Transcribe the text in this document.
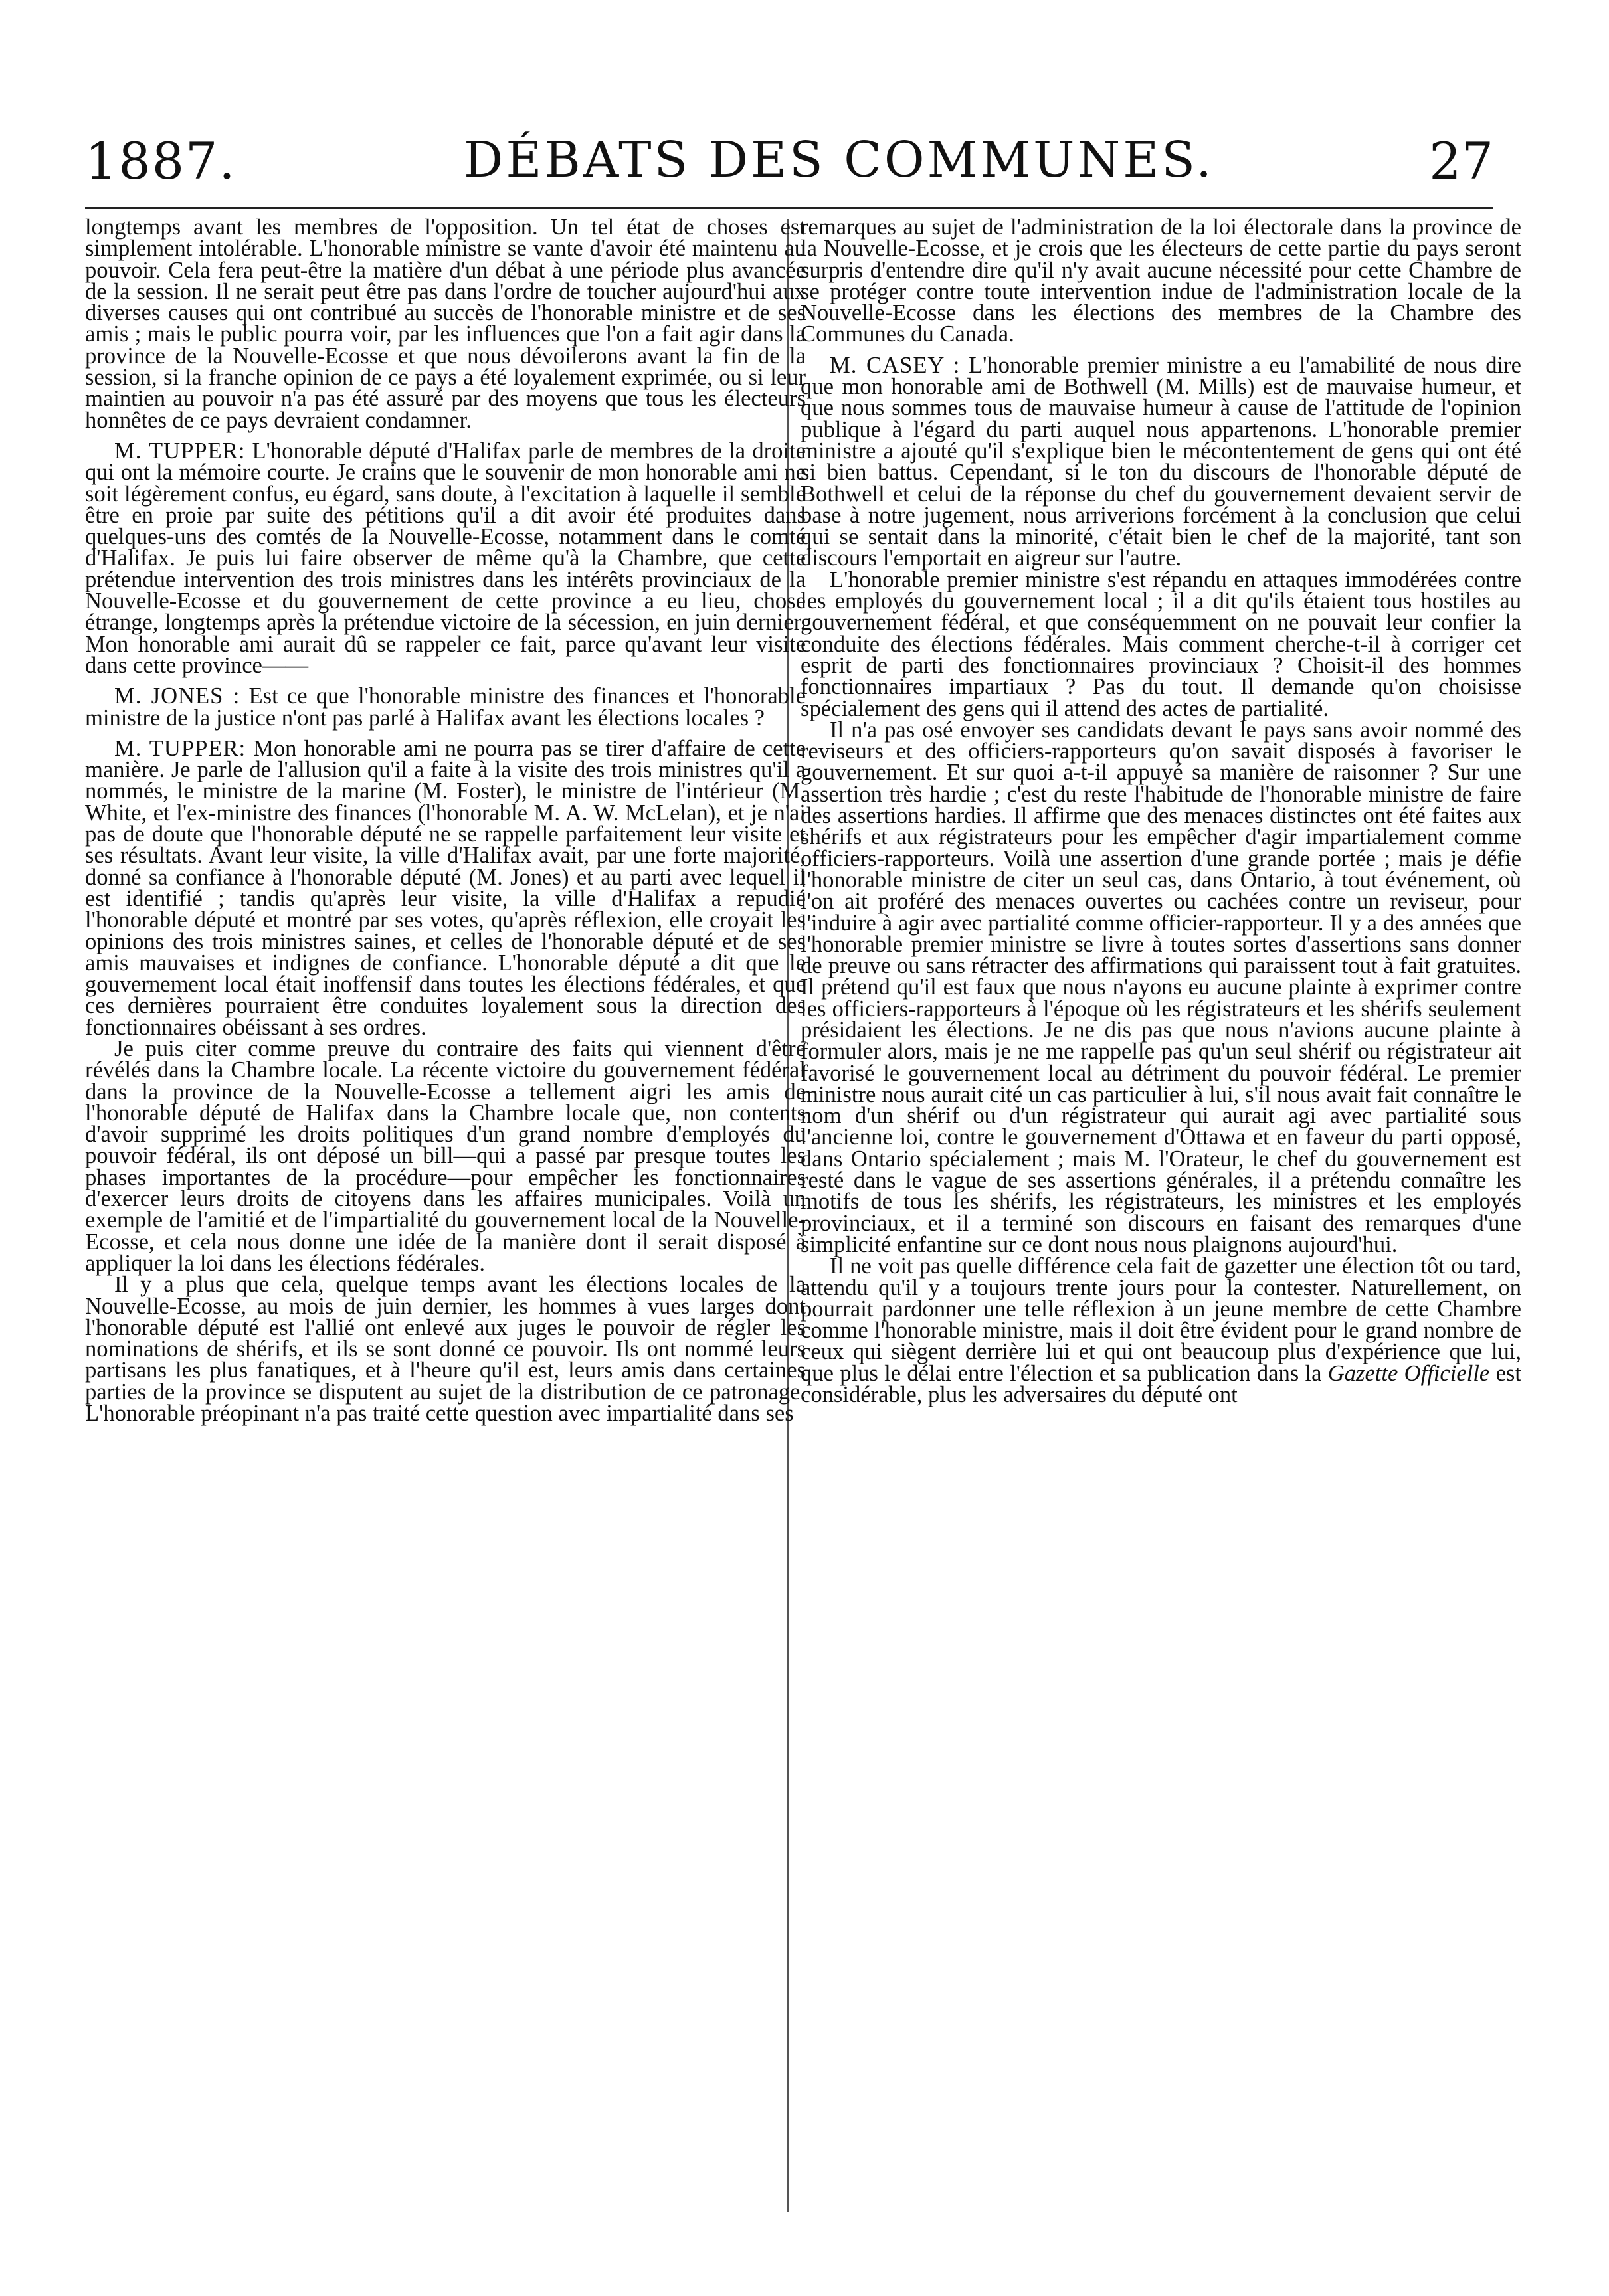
1887.	DÉBATS DES COMMUNES.	27

longtemps avant les membres de l'opposition. Un tel état de choses est simplement intolérable. L'honorable ministre se vante d'avoir été maintenu au pouvoir. Cela fera peut-être la matière d'un débat à une période plus avancée de la session. Il ne serait peut être pas dans l'ordre de toucher aujourd'hui aux diverses causes qui ont contribué au succès de l'honorable ministre et de ses amis ; mais le public pourra voir, par les influences que l'on a fait agir dans la province de la Nouvelle-Ecosse et que nous dévoilerons avant la fin de la session, si la franche opinion de ce pays a été loyalement exprimée, ou si leur maintien au pouvoir n'a pas été assuré par des moyens que tous les électeurs honnêtes de ce pays devraient condamner.

M. TUPPER: L'honorable député d'Halifax parle de membres de la droite qui ont la mémoire courte. Je crains que le souvenir de mon honorable ami ne soit légèrement confus, eu égard, sans doute, à l'excitation à laquelle il semble être en proie par suite des pétitions qu'il a dit avoir été produites dans quelques-uns des comtés de la Nouvelle-Ecosse, notamment dans le comté d'Halifax. Je puis lui faire observer de même qu'à la Chambre, que cette prétendue intervention des trois ministres dans les intérêts provinciaux de la Nouvelle-Ecosse et du gouvernement de cette province a eu lieu, chose étrange, longtemps après la prétendue victoire de la sécession, en juin dernier. Mon honorable ami aurait dû se rappeler ce fait, parce qu'avant leur visite dans cette province——

M. JONES : Est ce que l'honorable ministre des finances et l'honorable ministre de la justice n'ont pas parlé à Halifax avant les élections locales ?

M. TUPPER: Mon honorable ami ne pourra pas se tirer d'affaire de cette manière. Je parle de l'allusion qu'il a faite à la visite des trois ministres qu'il a nommés, le ministre de la marine (M. Foster), le ministre de l'intérieur (M. White, et l'ex-ministre des finances (l'honorable M. A. W. McLelan), et je n'ai pas de doute que l'honorable député ne se rappelle parfaitement leur visite et ses résultats. Avant leur visite, la ville d'Halifax avait, par une forte majorité, donné sa confiance à l'honorable député (M. Jones) et au parti avec lequel il est identifié ; tandis qu'après leur visite, la ville d'Halifax a repudié l'honorable député et montré par ses votes, qu'après réflexion, elle croyait les opinions des trois ministres saines, et celles de l'honorable député et de ses amis mauvaises et indignes de confiance. L'honorable député a dit que le gouvernement local était inoffensif dans toutes les élections fédérales, et que ces dernières pourraient être conduites loyalement sous la direction des fonctionnaires obéissant à ses ordres.

Je puis citer comme preuve du contraire des faits qui viennent d'être révélés dans la Chambre locale. La récente victoire du gouvernement fédéral dans la province de la Nouvelle-Ecosse a tellement aigri les amis de l'honorable député de Halifax dans la Chambre locale que, non contents d'avoir supprimé les droits politiques d'un grand nombre d'employés du pouvoir fédéral, ils ont déposé un bill—qui a passé par presque toutes les phases importantes de la procédure—pour empêcher les fonctionnaires d'exercer leurs droits de citoyens dans les affaires municipales. Voilà un exemple de l'amitié et de l'impartialité du gouvernement local de la Nouvelle-Ecosse, et cela nous donne une idée de la manière dont il serait disposé à appliquer la loi dans les élections fédérales.

Il y a plus que cela, quelque temps avant les élections locales de la Nouvelle-Ecosse, au mois de juin dernier, les hommes à vues larges dont l'honorable député est l'allié ont enlevé aux juges le pouvoir de régler les nominations de shérifs, et ils se sont donné ce pouvoir. Ils ont nommé leurs partisans les plus fanatiques, et à l'heure qu'il est, leurs amis dans certaines parties de la province se disputent au sujet de la distribution de ce patronage. L'honorable préopinant n'a pas traité cette question avec impartialité dans ses

remarques au sujet de l'administration de la loi électorale dans la province de la Nouvelle-Ecosse, et je crois que les électeurs de cette partie du pays seront surpris d'entendre dire qu'il n'y avait aucune nécessité pour cette Chambre de se protéger contre toute intervention indue de l'administration locale de la Nouvelle-Ecosse dans les élections des membres de la Chambre des Communes du Canada.

M. CASEY : L'honorable premier ministre a eu l'amabilité de nous dire que mon honorable ami de Bothwell (M. Mills) est de mauvaise humeur, et que nous sommes tous de mauvaise humeur à cause de l'attitude de l'opinion publique à l'égard du parti auquel nous appartenons. L'honorable premier ministre a ajouté qu'il s'explique bien le mécontentement de gens qui ont été si bien battus. Cependant, si le ton du discours de l'honorable député de Bothwell et celui de la réponse du chef du gouvernement devaient servir de base à notre jugement, nous arriverions forcément à la conclusion que celui qui se sentait dans la minorité, c'était bien le chef de la majorité, tant son discours l'emportait en aigreur sur l'autre.

L'honorable premier ministre s'est répandu en attaques immodérées contre les employés du gouvernement local ; il a dit qu'ils étaient tous hostiles au gouvernement fédéral, et que conséquemment on ne pouvait leur confier la conduite des élections fédérales. Mais comment cherche-t-il à corriger cet esprit de parti des fonctionnaires provinciaux ? Choisit-il des hommes fonctionnaires impartiaux ? Pas du tout. Il demande qu'on choisisse spécialement des gens qui il attend des actes de partialité.

Il n'a pas osé envoyer ses candidats devant le pays sans avoir nommé des reviseurs et des officiers-rapporteurs qu'on savait disposés à favoriser le gouvernement. Et sur quoi a-t-il appuyé sa manière de raisonner ? Sur une assertion très hardie ; c'est du reste l'habitude de l'honorable ministre de faire des assertions hardies. Il affirme que des menaces distinctes ont été faites aux shérifs et aux régistrateurs pour les empêcher d'agir impartialement comme officiers-rapporteurs. Voilà une assertion d'une grande portée ; mais je défie l'honorable ministre de citer un seul cas, dans Ontario, à tout événement, où l'on ait proféré des menaces ouvertes ou cachées contre un reviseur, pour l'induire à agir avec partialité comme officier-rapporteur. Il y a des années que l'honorable premier ministre se livre à toutes sortes d'assertions sans donner de preuve ou sans rétracter des affirmations qui paraissent tout à fait gratuites. Il prétend qu'il est faux que nous n'ayons eu aucune plainte à exprimer contre les officiers-rapporteurs à l'époque où les régistrateurs et les shérifs seulement présidaient les élections. Je ne dis pas que nous n'avions aucune plainte à formuler alors, mais je ne me rappelle pas qu'un seul shérif ou régistrateur ait favorisé le gouvernement local au détriment du pouvoir fédéral. Le premier ministre nous aurait cité un cas particulier à lui, s'il nous avait fait connaître le nom d'un shérif ou d'un régistrateur qui aurait agi avec partialité sous l'ancienne loi, contre le gouvernement d'Ottawa et en faveur du parti opposé, dans Ontario spécialement ; mais M. l'Orateur, le chef du gouvernement est resté dans le vague de ses assertions générales, il a prétendu connaître les motifs de tous les shérifs, les régistrateurs, les ministres et les employés provinciaux, et il a terminé son discours en faisant des remarques d'une simplicité enfantine sur ce dont nous nous plaignons aujourd'hui.

Il ne voit pas quelle différence cela fait de gazetter une élection tôt ou tard, attendu qu'il y a toujours trente jours pour la contester. Naturellement, on pourrait pardonner une telle réflexion à un jeune membre de cette Chambre comme l'honorable ministre, mais il doit être évident pour le grand nombre de ceux qui siègent derrière lui et qui ont beaucoup plus d'expérience que lui, que plus le délai entre l'élection et sa publication dans la Gazette Officielle est considérable, plus les adversaires du député ont
